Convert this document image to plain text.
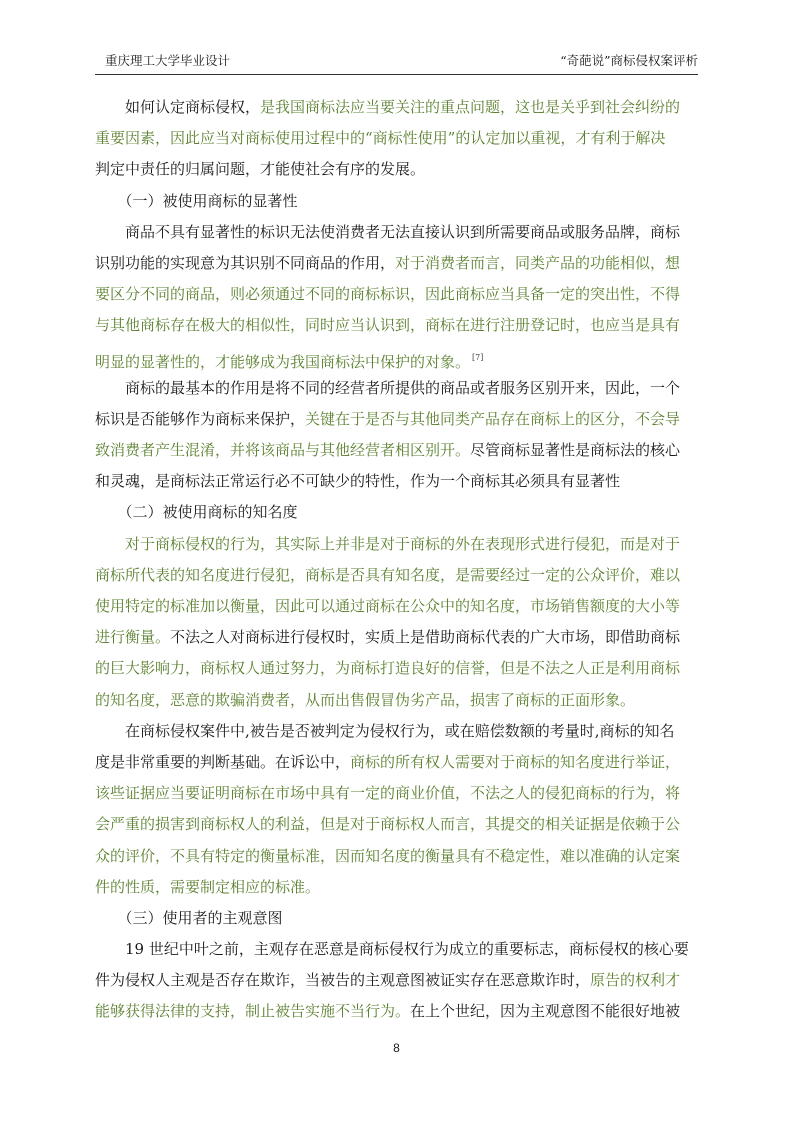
重庆理工大学毕业设计	“奇葩说”商标侵权案评析
　　如何认定商标侵权，是我国商标法应当要关注的重点问题，这也是关乎到社会纠纷的
重要因素，因此应当对商标使用过程中的“商标性使用”的认定加以重视，才有利于解决
判定中责任的归属问题，才能使社会有序的发展。
　　（一）被使用商标的显著性
　　商品不具有显著性的标识无法使消费者无法直接认识到所需要商品或服务品牌，商标
识别功能的实现意为其识别不同商品的作用，对于消费者而言，同类产品的功能相似，想
要区分不同的商品，则必须通过不同的商标标识，因此商标应当具备一定的突出性，不得
与其他商标存在极大的相似性，同时应当认识到，商标在进行注册登记时，也应当是具有
明显的显著性的，才能够成为我国商标法中保护的对象。 [7]
　　商标的最基本的作用是将不同的经营者所提供的商品或者服务区别开来，因此，一个
标识是否能够作为商标来保护，关键在于是否与其他同类产品存在商标上的区分，不会导
致消费者产生混淆，并将该商品与其他经营者相区别开。尽管商标显著性是商标法的核心
和灵魂，是商标法正常运行必不可缺少的特性，作为一个商标其必须具有显著性
　　（二）被使用商标的知名度
　　对于商标侵权的行为，其实际上并非是对于商标的外在表现形式进行侵犯，而是对于
商标所代表的知名度进行侵犯，商标是否具有知名度，是需要经过一定的公众评价，难以
使用特定的标准加以衡量，因此可以通过商标在公众中的知名度，市场销售额度的大小等
进行衡量。不法之人对商标进行侵权时，实质上是借助商标代表的广大市场，即借助商标
的巨大影响力，商标权人通过努力，为商标打造良好的信誉，但是不法之人正是利用商标
的知名度，恶意的欺骗消费者，从而出售假冒伪劣产品，损害了商标的正面形象。
　　在商标侵权案件中,被告是否被判定为侵权行为，或在赔偿数额的考量时,商标的知名
度是非常重要的判断基础。在诉讼中，商标的所有权人需要对于商标的知名度进行举证，
该些证据应当要证明商标在市场中具有一定的商业价值，不法之人的侵犯商标的行为，将
会严重的损害到商标权人的利益，但是对于商标权人而言，其提交的相关证据是依赖于公
众的评价，不具有特定的衡量标准，因而知名度的衡量具有不稳定性，难以准确的认定案
件的性质，需要制定相应的标准。
　　（三）使用者的主观意图
　　19 世纪中叶之前，主观存在恶意是商标侵权行为成立的重要标志，商标侵权的核心要
件为侵权人主观是否存在欺诈，当被告的主观意图被证实存在恶意欺诈时，原告的权利才
能够获得法律的支持，制止被告实施不当行为。在上个世纪，因为主观意图不能很好地被
8
